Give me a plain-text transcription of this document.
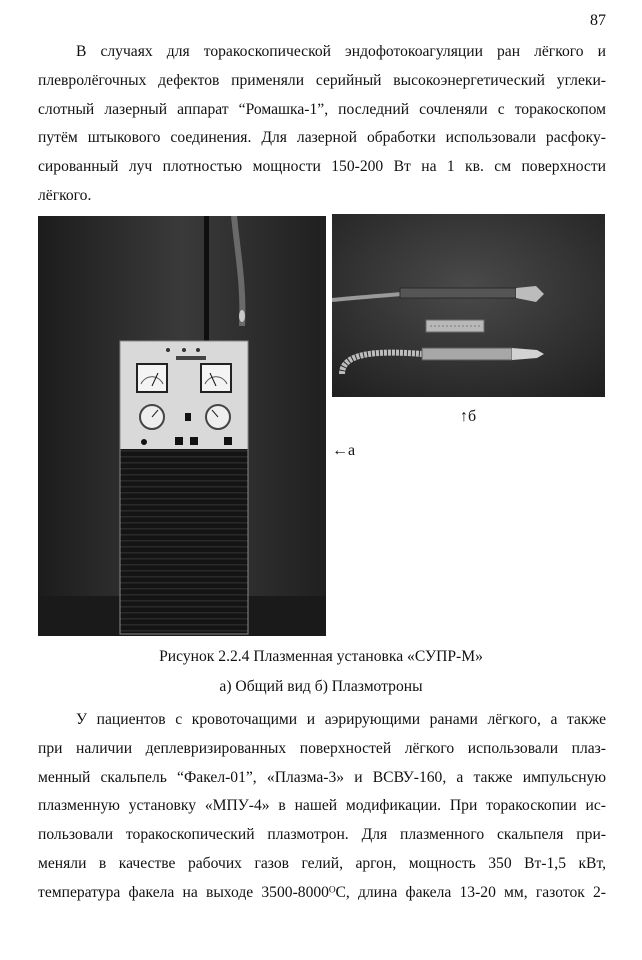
87
В случаях для торакоскопической эндофотокоагуляции ран лёгкого и
плевролёгочных дефектов применяли серийный высокоэнергетический углеки-
слотный лазерный аппарат “Ромашка-1”, последний сочленяли с торакоскопом
путём штыкового соединения. Для лазерной обработки использовали расфоку-
сированный луч плотностью мощности 150-200 Вт на 1 кв. см поверхности
лёгкого.
←а
↑б

Рисунок 2.2.4 Плазменная установка «СУПР-М»

а) Общий вид б) Плазмотроны

У пациентов с кровоточащими и аэрирующими ранами лёгкого, а также
при наличии деплевризированных поверхностей лёгкого использовали плаз-
менный скальпель “Факел-01”, «Плазма-3» и ВСВУ-160, а также импульсную
плазменную установку «МПУ-4» в нашей модификации. При торакоскопии ис-
пользовали торакоскопический плазмотрон. Для плазменного скальпеля при-
меняли в качестве рабочих газов гелий, аргон, мощность 350 Вт-1,5 кВт,
температура факела на выходе 3500-8000ᴼС, длина факела 13-20 мм, газоток 2-
